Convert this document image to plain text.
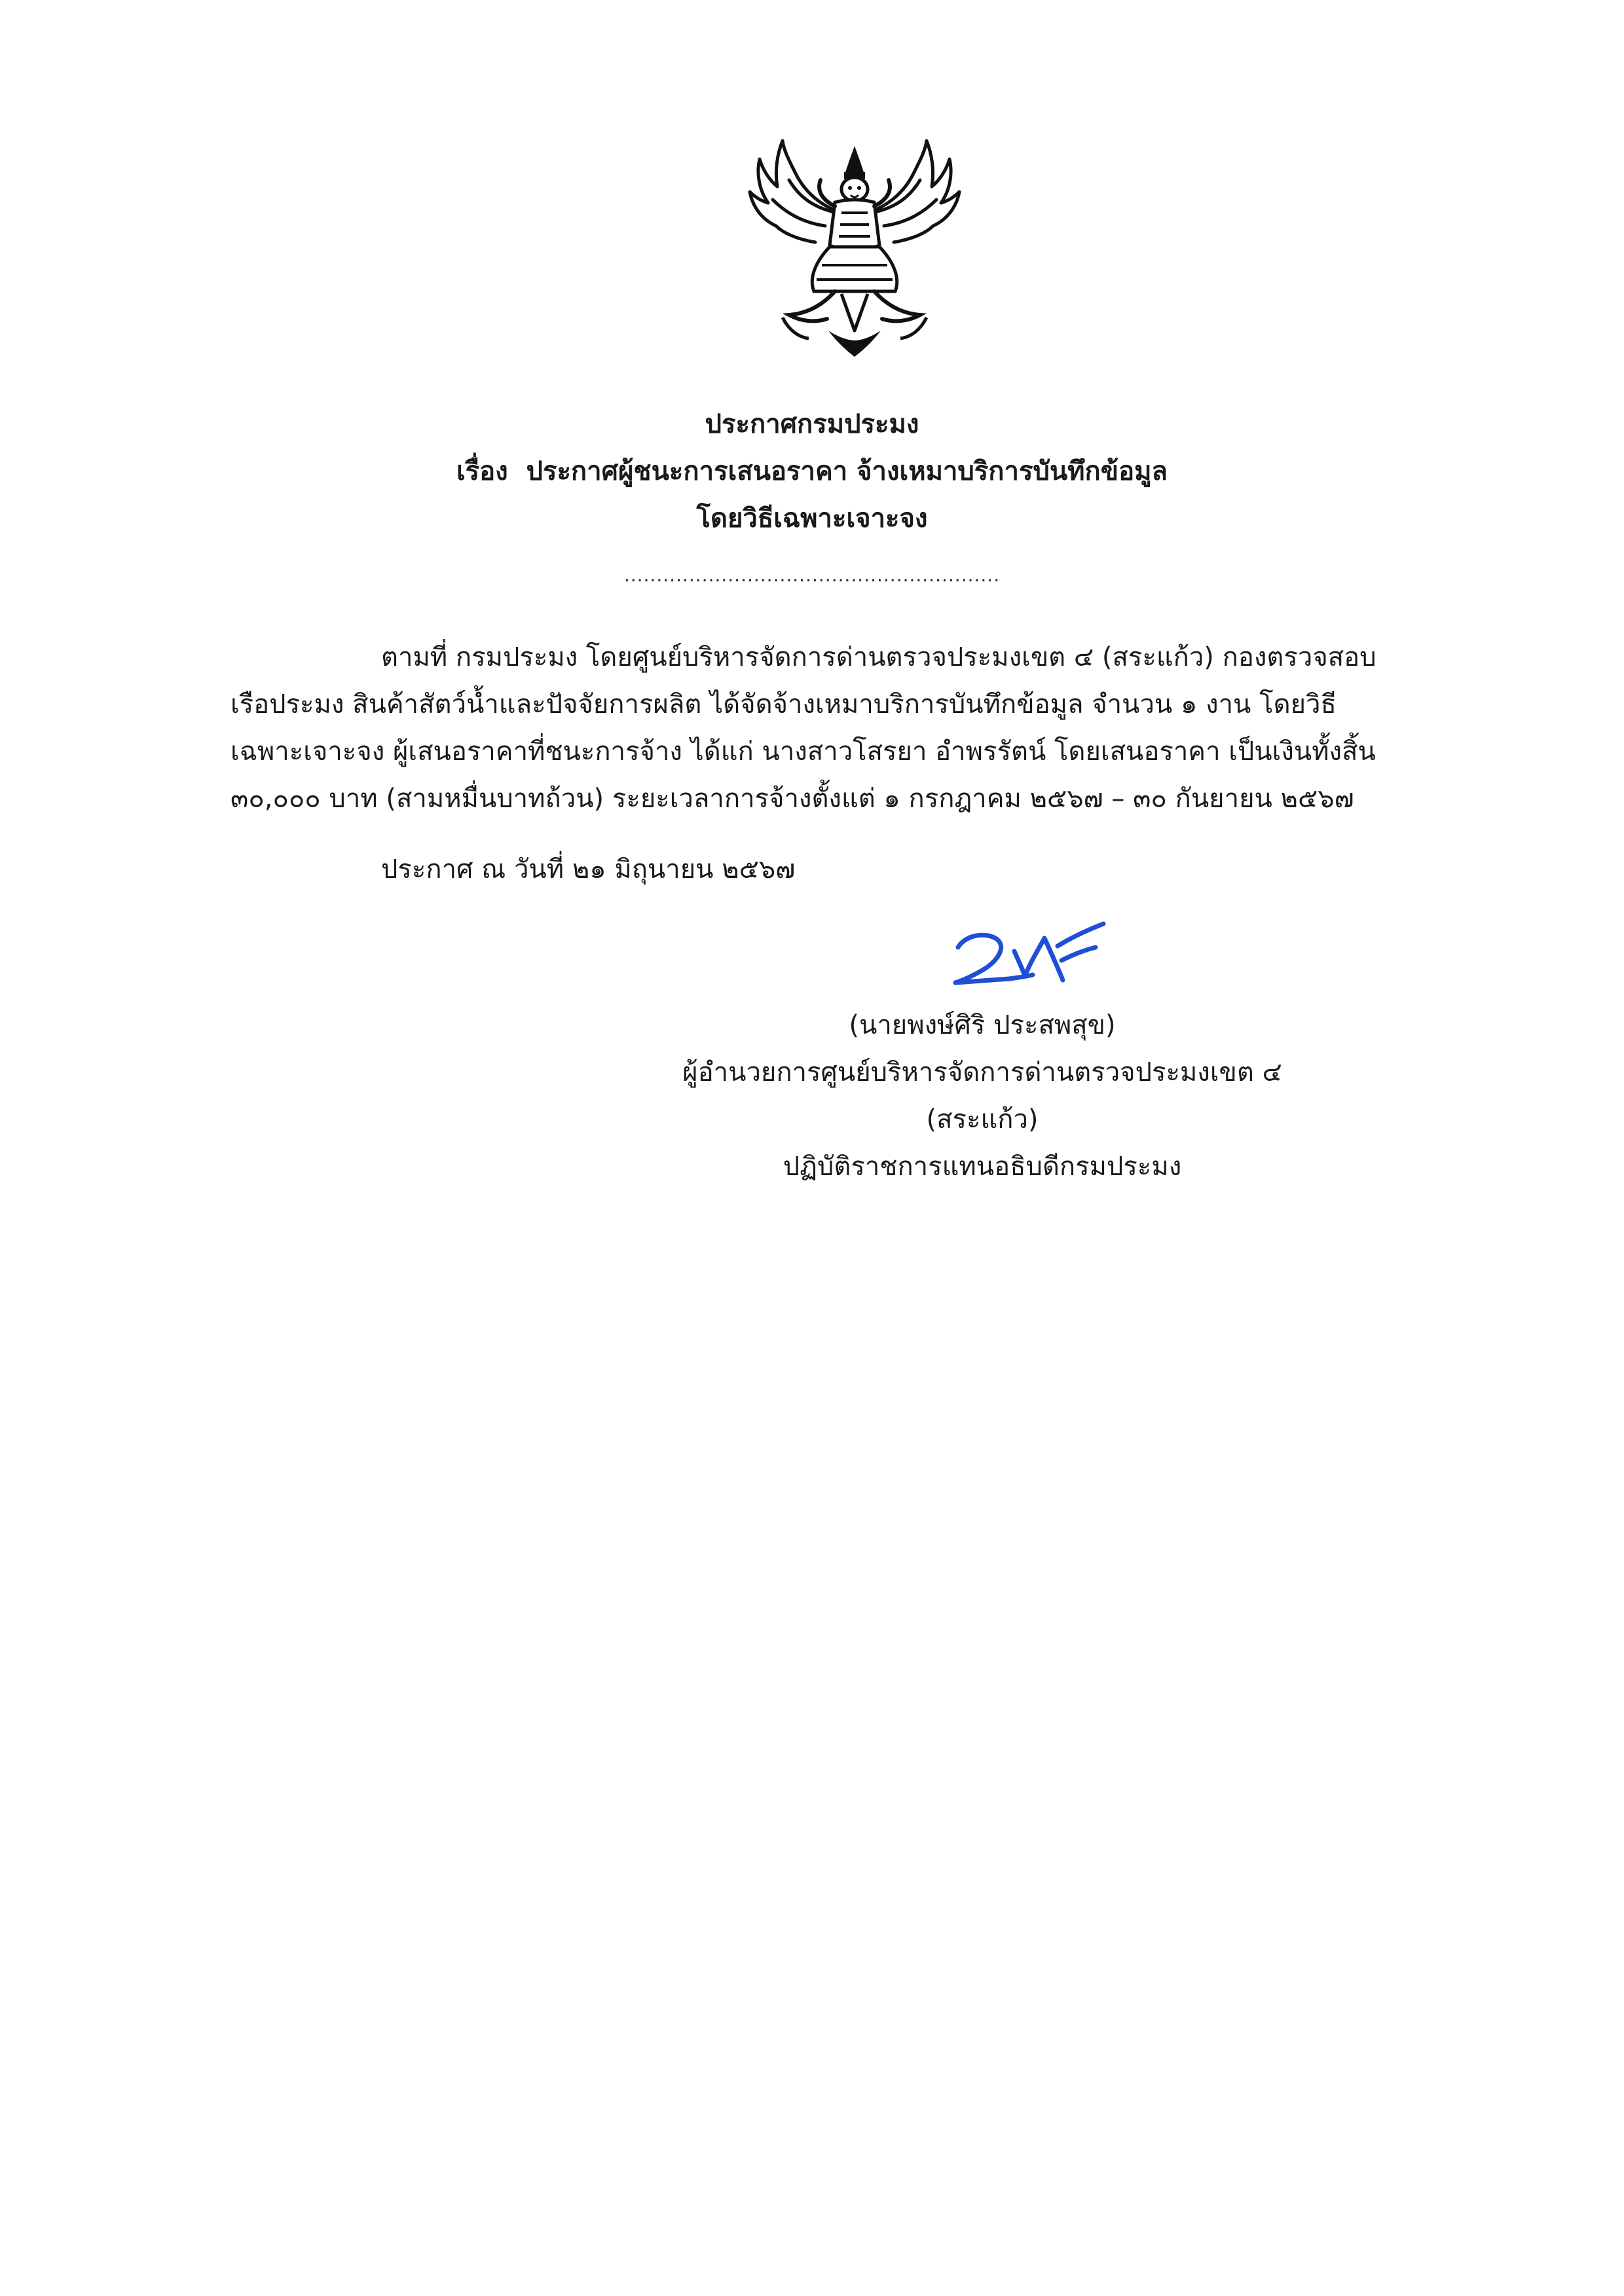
ประกาศกรมประมง
เรื่อง ประกาศผู้ชนะการเสนอราคา จ้างเหมาบริการบันทึกข้อมูล
โดยวิธีเฉพาะเจาะจง
..........................................................
ตามที่ กรมประมง โดยศูนย์บริหารจัดการด่านตรวจประมงเขต ๔ (สระแก้ว) กองตรวจสอบ
เรือประมง สินค้าสัตว์น้ำและปัจจัยการผลิต ได้จัดจ้างเหมาบริการบันทึกข้อมูล จำนวน ๑ งาน โดยวิธี
เฉพาะเจาะจง ผู้เสนอราคาที่ชนะการจ้าง ได้แก่ นางสาวโสรยา อำพรรัตน์ โดยเสนอราคา เป็นเงินทั้งสิ้น
๓๐,๐๐๐ บาท (สามหมื่นบาทถ้วน) ระยะเวลาการจ้างตั้งแต่ ๑ กรกฎาคม ๒๕๖๗ – ๓๐ กันยายน ๒๕๖๗
ประกาศ ณ วันที่ ๒๑ มิถุนายน ๒๕๖๗
(นายพงษ์ศิริ ประสพสุข)
ผู้อำนวยการศูนย์บริหารจัดการด่านตรวจประมงเขต ๔ (สระแก้ว)
ปฏิบัติราชการแทนอธิบดีกรมประมง
